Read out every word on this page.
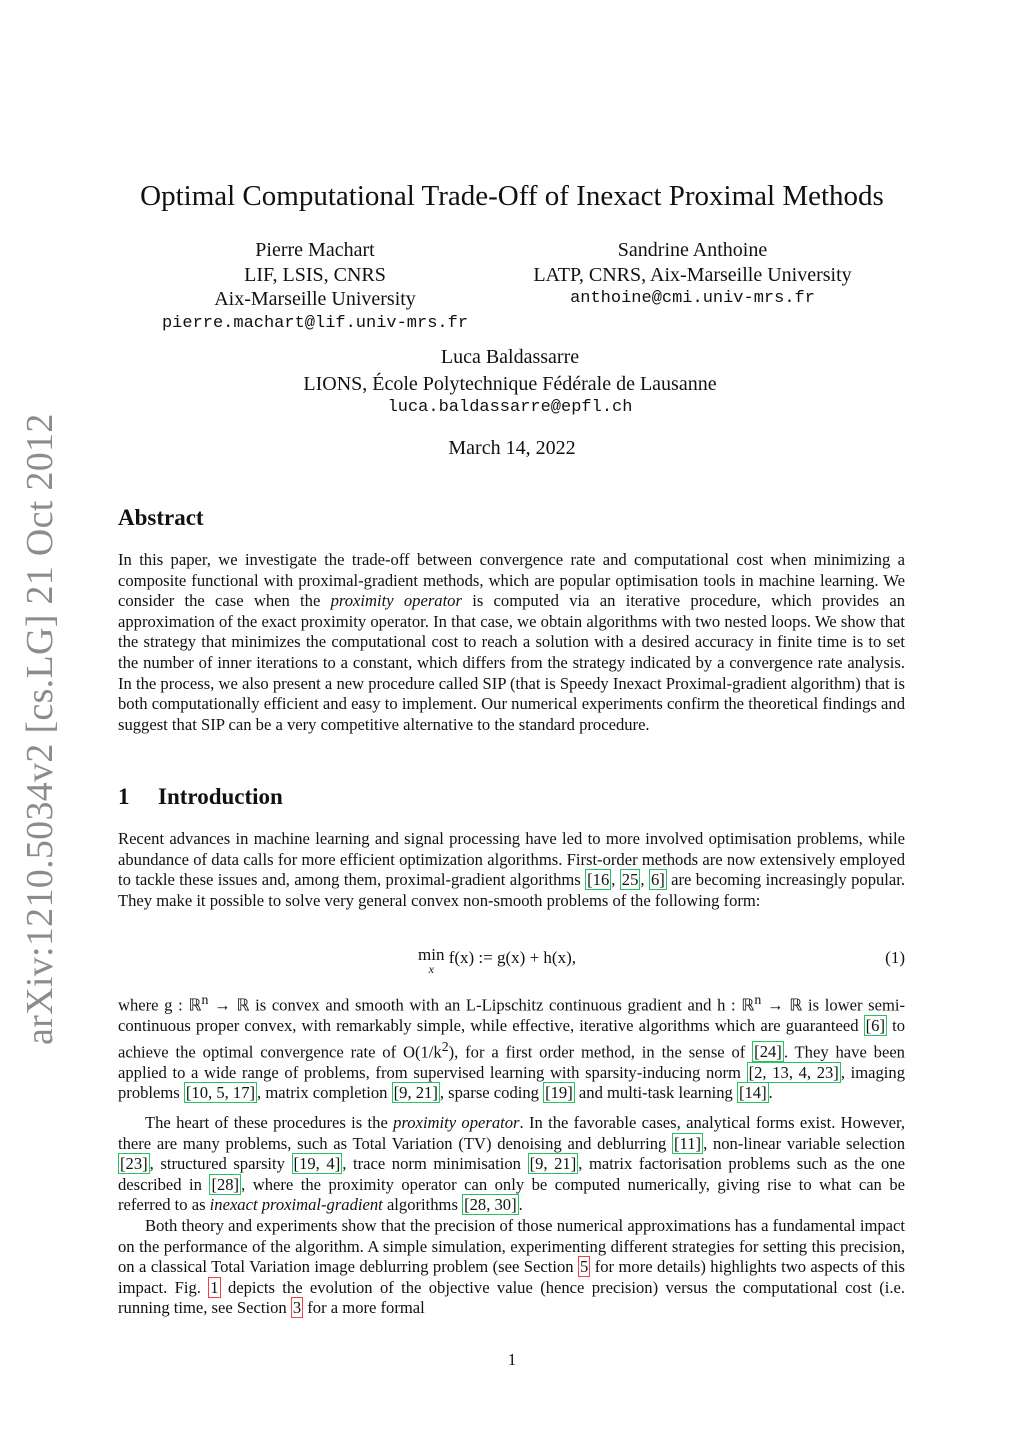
arXiv:1210.5034v2 [cs.LG] 21 Oct 2012
Optimal Computational Trade-Off of Inexact Proximal Methods
Pierre Machart
LIF, LSIS, CNRS
Aix-Marseille University
pierre.machart@lif.univ-mrs.fr
Sandrine Anthoine
LATP, CNRS, Aix-Marseille University
anthoine@cmi.univ-mrs.fr
Luca Baldassarre
LIONS, École Polytechnique Fédérale de Lausanne
luca.baldassarre@epfl.ch
March 14, 2022
Abstract
In this paper, we investigate the trade-off between convergence rate and computational cost when minimizing a composite functional with proximal-gradient methods, which are popular optimisation tools in machine learning. We consider the case when the proximity operator is computed via an iterative procedure, which provides an approximation of the exact proximity operator. In that case, we obtain algorithms with two nested loops. We show that the strategy that minimizes the computational cost to reach a solution with a desired accuracy in finite time is to set the number of inner iterations to a constant, which differs from the strategy indicated by a convergence rate analysis. In the process, we also present a new procedure called SIP (that is Speedy Inexact Proximal-gradient algorithm) that is both computationally efficient and easy to implement. Our numerical experiments confirm the theoretical findings and suggest that SIP can be a very competitive alternative to the standard procedure.
1 Introduction
Recent advances in machine learning and signal processing have led to more involved optimisation problems, while abundance of data calls for more efficient optimization algorithms. First-order methods are now extensively employed to tackle these issues and, among them, proximal-gradient algorithms [16 , 25 , 6] are becoming increasingly popular. They make it possible to solve very general convex non-smooth problems of the following form:
min
x
f(x) := g(x) + h(x),	(1)
where g : ℝ$^n$ → ℝ is convex and smooth with an L-Lipschitz continuous gradient and h : ℝ$^n$ → ℝ is lower semi-continuous proper convex, with remarkably simple, while effective, iterative algorithms which are guaranteed [6] to achieve the optimal convergence rate of $O(1/k^2)$, for a first order method, in the sense of [24] . They have been applied to a wide range of problems, from supervised learning with sparsity-inducing norm [2, 13, 4, 23] , imaging problems [10, 5, 17] , matrix completion [9, 21] , sparse coding [19] and multi-task learning [14] .
The heart of these procedures is the proximity operator. In the favorable cases, analytical forms exist. However, there are many problems, such as Total Variation (TV) denoising and deblurring [11] , non-linear variable selection [23] , structured sparsity [19, 4] , trace norm minimisation [9, 21] , matrix factorisation problems such as the one described in [28] , where the proximity operator can only be computed numerically, giving rise to what can be referred to as inexact proximal-gradient algorithms [28, 30] .
Both theory and experiments show that the precision of those numerical approximations has a fundamental impact on the performance of the algorithm. A simple simulation, experimenting different strategies for setting this precision, on a classical Total Variation image deblurring problem (see Section 5 for more details) highlights two aspects of this impact. Fig. 1 depicts the evolution of the objective value (hence precision) versus the computational cost (i.e. running time, see Section 3 for a more formal
1
